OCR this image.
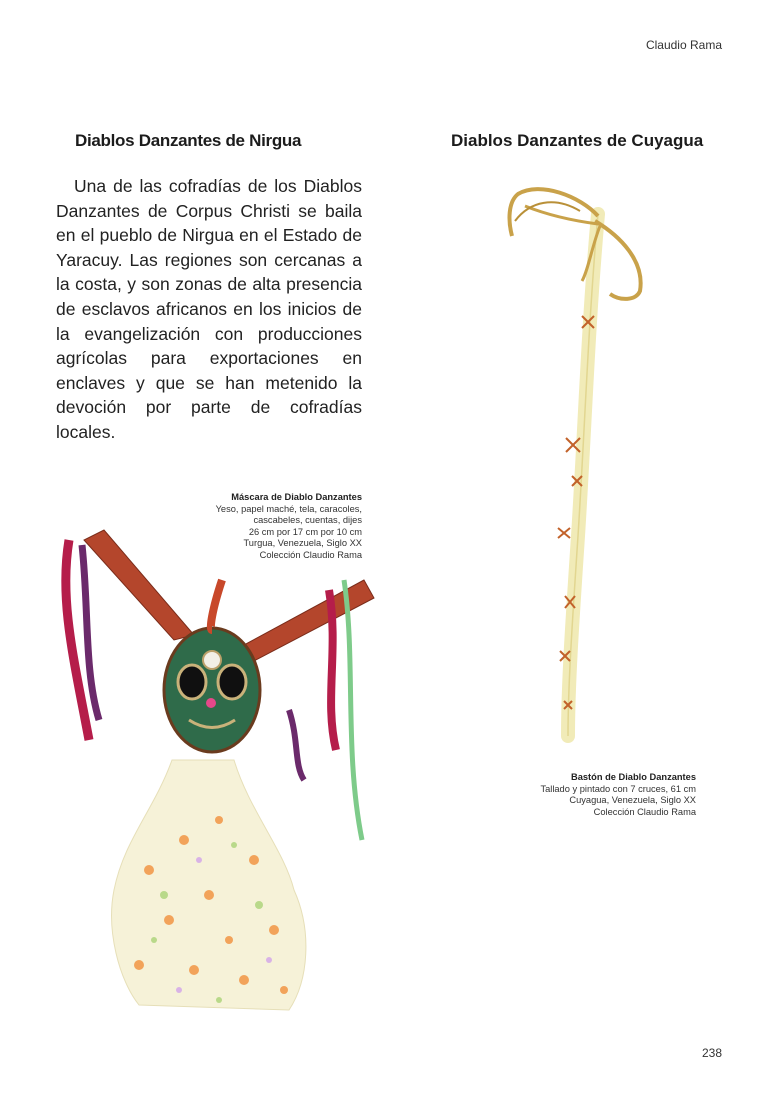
Claudio Rama
Diablos Danzantes de Nirgua	Diablos Danzantes de Cuyagua

Una de las cofradías de los Diablos Danzantes de Corpus Christi se baila en el pueblo de Nirgua en el Estado de Yaracuy. Las regiones son cercanas a la costa, y son zonas de alta presencia de esclavos africanos en los inicios de la evangelización con producciones agrícolas para exportaciones en enclaves y que se han metenido la devoción por parte de cofradías locales.

Máscara de Diablo Danzantes
Yeso, papel maché, tela, caracoles,
cascabeles, cuentas, dijes
26 cm por 17 cm por 10 cm
Turgua, Venezuela, Siglo XX
Colección Claudio Rama
Bastón de Diablo Danzantes
Tallado y pintado con 7 cruces, 61 cm
Cuyagua, Venezuela, Siglo XX
Colección Claudio Rama
238
